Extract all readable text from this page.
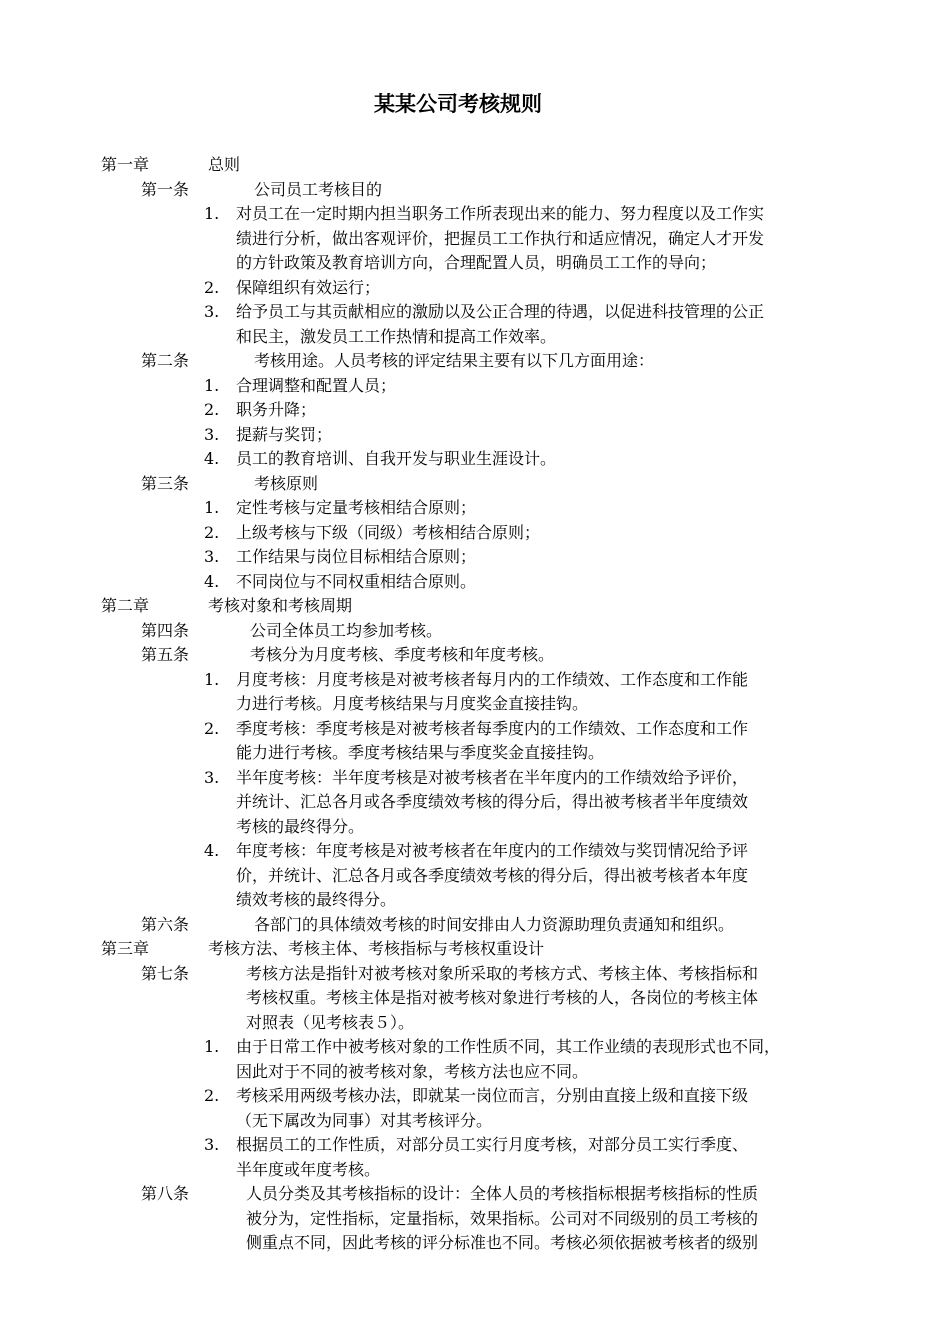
某某公司考核规则
第一章	总则
第一条	公司员工考核目的
1. 对员工在一定时期内担当职务工作所表现出来的能力、努力程度以及工作实
绩进行分析，做出客观评价，把握员工工作执行和适应情况，确定人才开发
的方针政策及教育培训方向，合理配置人员，明确员工工作的导向；
2. 保障组织有效运行；
3. 给予员工与其贡献相应的激励以及公正合理的待遇，以促进科技管理的公正
和民主，激发员工工作热情和提高工作效率。
第二条	考核用途。人员考核的评定结果主要有以下几方面用途：
1. 合理调整和配置人员；
2. 职务升降；
3. 提薪与奖罚；
4. 员工的教育培训、自我开发与职业生涯设计。
第三条	考核原则
1. 定性考核与定量考核相结合原则；
2. 上级考核与下级（同级）考核相结合原则；
3. 工作结果与岗位目标相结合原则；
4. 不同岗位与不同权重相结合原则。
第二章	考核对象和考核周期
第四条	公司全体员工均参加考核。
第五条	考核分为月度考核、季度考核和年度考核。
1. 月度考核：月度考核是对被考核者每月内的工作绩效、工作态度和工作能
力进行考核。月度考核结果与月度奖金直接挂钩。
2. 季度考核：季度考核是对被考核者每季度内的工作绩效、工作态度和工作
能力进行考核。季度考核结果与季度奖金直接挂钩。
3. 半年度考核：半年度考核是对被考核者在半年度内的工作绩效给予评价，
并统计、汇总各月或各季度绩效考核的得分后，得出被考核者半年度绩效
考核的最终得分。
4. 年度考核：年度考核是对被考核者在年度内的工作绩效与奖罚情况给予评
价，并统计、汇总各月或各季度绩效考核的得分后，得出被考核者本年度
绩效考核的最终得分。
第六条	各部门的具体绩效考核的时间安排由人力资源助理负责通知和组织。
第三章	考核方法、考核主体、考核指标与考核权重设计
第七条	考核方法是指针对被考核对象所采取的考核方式、考核主体、考核指标和
考核权重。考核主体是指对被考核对象进行考核的人，各岗位的考核主体
对照表（见考核表５）。
1. 由于日常工作中被考核对象的工作性质不同，其工作业绩的表现形式也不同，
因此对于不同的被考核对象，考核方法也应不同。
2. 考核采用两级考核办法，即就某一岗位而言，分别由直接上级和直接下级
（无下属改为同事）对其考核评分。
3. 根据员工的工作性质，对部分员工实行月度考核，对部分员工实行季度、
半年度或年度考核。
第八条	人员分类及其考核指标的设计：全体人员的考核指标根据考核指标的性质
被分为，定性指标，定量指标，效果指标。公司对不同级别的员工考核的
侧重点不同，因此考核的评分标准也不同。考核必须依据被考核者的级别
